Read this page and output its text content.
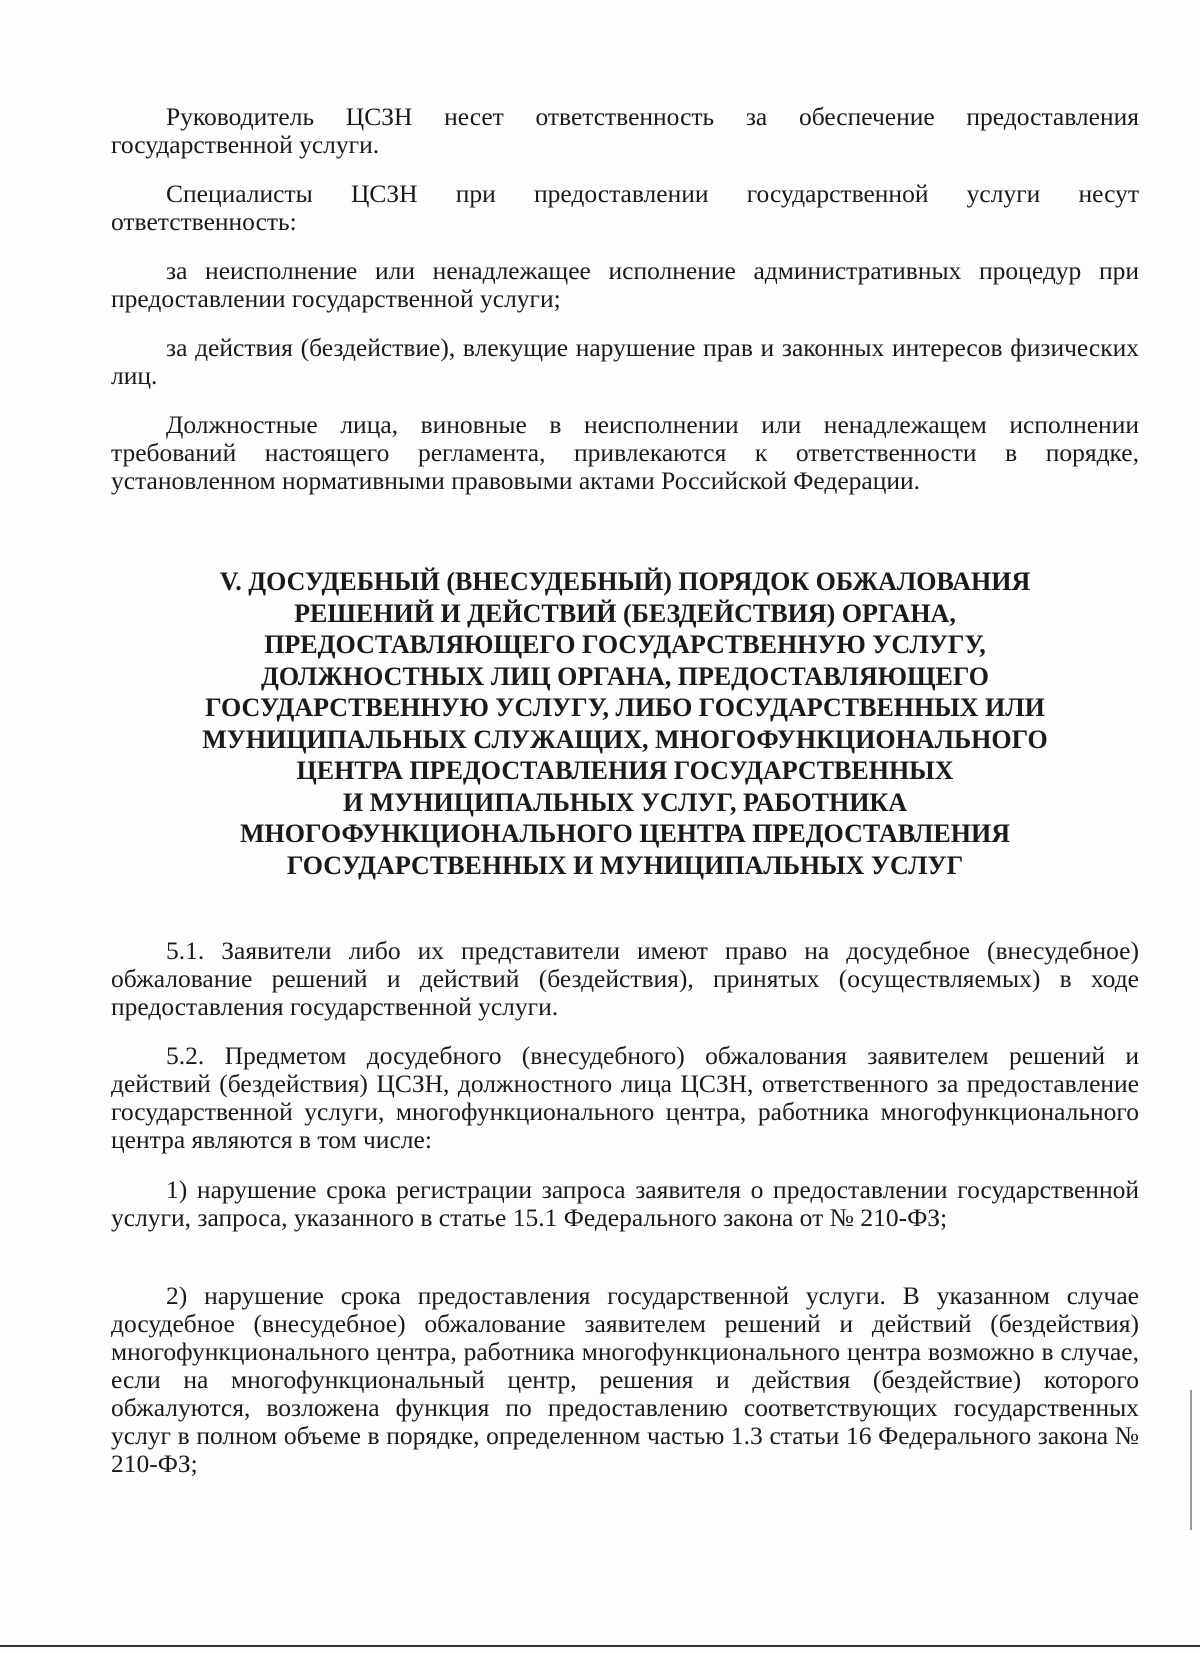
Руководитель ЦСЗН несет ответственность за обеспечение предоставления государственной услуги.

Специалисты ЦСЗН при предоставлении государственной услуги несут ответственность:

за неисполнение или ненадлежащее исполнение административных процедур при предоставлении государственной услуги;

за действия (бездействие), влекущие нарушение прав и законных интересов физических лиц.

Должностные лица, виновные в неисполнении или ненадлежащем исполнении требований настоящего регламента, привлекаются к ответственности в порядке, установленном нормативными правовыми актами Российской Федерации.

V. ДОСУДЕБНЫЙ (ВНЕСУДЕБНЫЙ) ПОРЯДОК ОБЖАЛОВАНИЯ
РЕШЕНИЙ И ДЕЙСТВИЙ (БЕЗДЕЙСТВИЯ) ОРГАНА,
ПРЕДОСТАВЛЯЮЩЕГО ГОСУДАРСТВЕННУЮ УСЛУГУ,
ДОЛЖНОСТНЫХ ЛИЦ ОРГАНА, ПРЕДОСТАВЛЯЮЩЕГО
ГОСУДАРСТВЕННУЮ УСЛУГУ, ЛИБО ГОСУДАРСТВЕННЫХ ИЛИ
МУНИЦИПАЛЬНЫХ СЛУЖАЩИХ, МНОГОФУНКЦИОНАЛЬНОГО
ЦЕНТРА ПРЕДОСТАВЛЕНИЯ ГОСУДАРСТВЕННЫХ
И МУНИЦИПАЛЬНЫХ УСЛУГ, РАБОТНИКА
МНОГОФУНКЦИОНАЛЬНОГО ЦЕНТРА ПРЕДОСТАВЛЕНИЯ
ГОСУДАРСТВЕННЫХ И МУНИЦИПАЛЬНЫХ УСЛУГ

5.1. Заявители либо их представители имеют право на досудебное (внесудебное) обжалование решений и действий (бездействия), принятых (осуществляемых) в ходе предоставления государственной услуги.

5.2. Предметом досудебного (внесудебного) обжалования заявителем решений и действий (бездействия) ЦСЗН, должностного лица ЦСЗН, ответственного за предоставление государственной услуги, многофункционального центра, работника многофункционального центра являются в том числе:

1) нарушение срока регистрации запроса заявителя о предоставлении государственной услуги, запроса, указанного в статье 15.1 Федерального закона от № 210-ФЗ;

2) нарушение срока предоставления государственной услуги. В указанном случае досудебное (внесудебное) обжалование заявителем решений и действий (бездействия) многофункционального центра, работника многофункционального центра возможно в случае, если на многофункциональный центр, решения и действия (бездействие) которого обжалуются, возложена функция по предоставлению соответствующих государственных услуг в полном объеме в порядке, определенном частью 1.3 статьи 16 Федерального закона № 210-ФЗ;
